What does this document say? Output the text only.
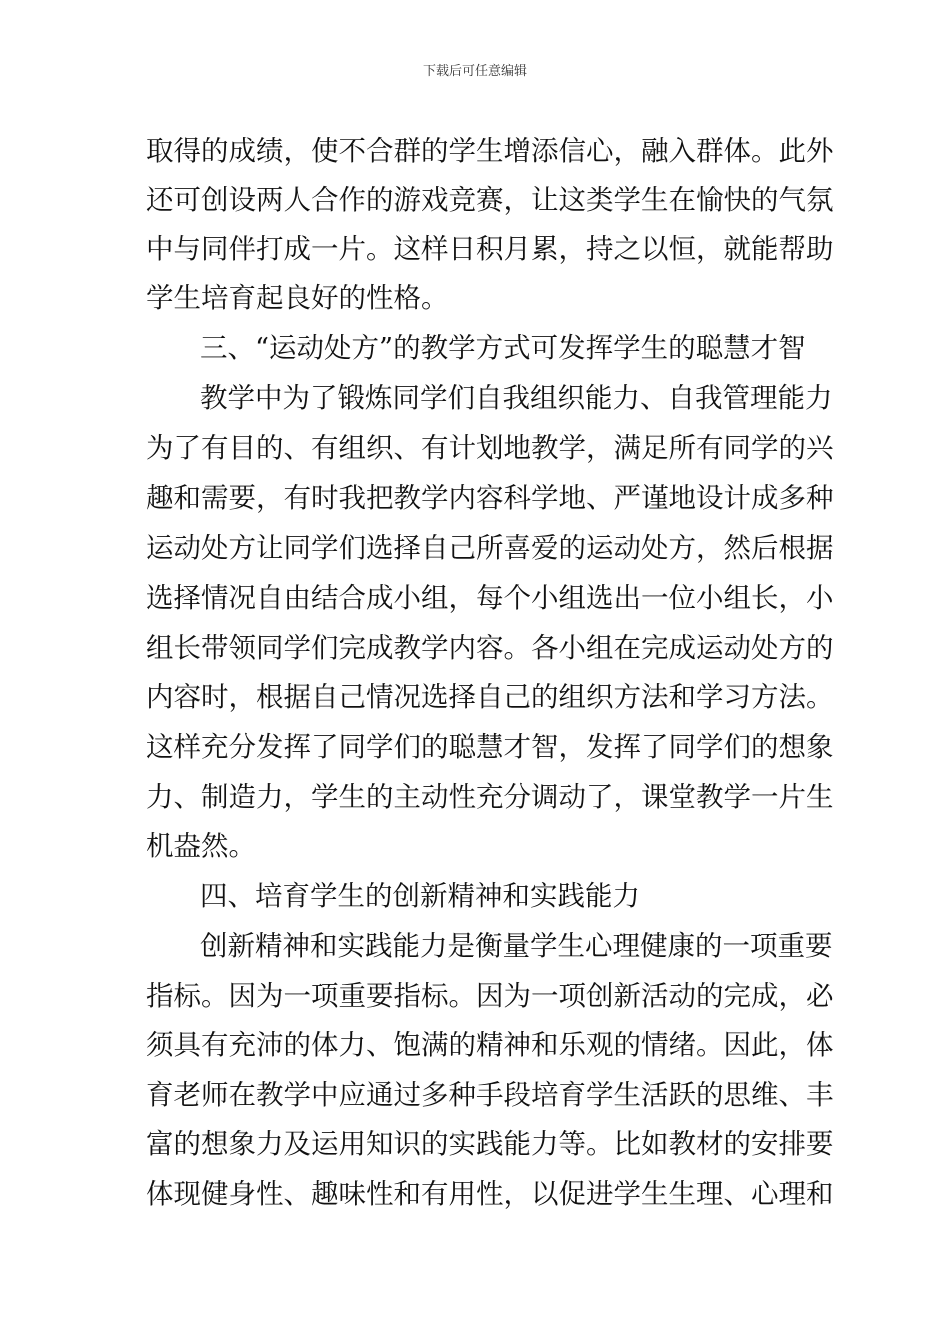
下载后可任意编辑
取得的成绩，使不合群的学生增添信心，融入群体。此外
还可创设两人合作的游戏竞赛，让这类学生在愉快的气氛
中与同伴打成一片。这样日积月累，持之以恒，就能帮助
学生培育起良好的性格。
三、“运动处方”的教学方式可发挥学生的聪慧才智
教学中为了锻炼同学们自我组织能力、自我管理能力
为了有目的、有组织、有计划地教学，满足所有同学的兴
趣和需要，有时我把教学内容科学地、严谨地设计成多种
运动处方让同学们选择自己所喜爱的运动处方，然后根据
选择情况自由结合成小组，每个小组选出一位小组长，小
组长带领同学们完成教学内容。各小组在完成运动处方的
内容时，根据自己情况选择自己的组织方法和学习方法。
这样充分发挥了同学们的聪慧才智，发挥了同学们的想象
力、制造力，学生的主动性充分调动了，课堂教学一片生
机盎然。
四、培育学生的创新精神和实践能力
创新精神和实践能力是衡量学生心理健康的一项重要
指标。因为一项重要指标。因为一项创新活动的完成，必
须具有充沛的体力、饱满的精神和乐观的情绪。因此，体
育老师在教学中应通过多种手段培育学生活跃的思维、丰
富的想象力及运用知识的实践能力等。比如教材的安排要
体现健身性、趣味性和有用性，以促进学生生理、心理和
